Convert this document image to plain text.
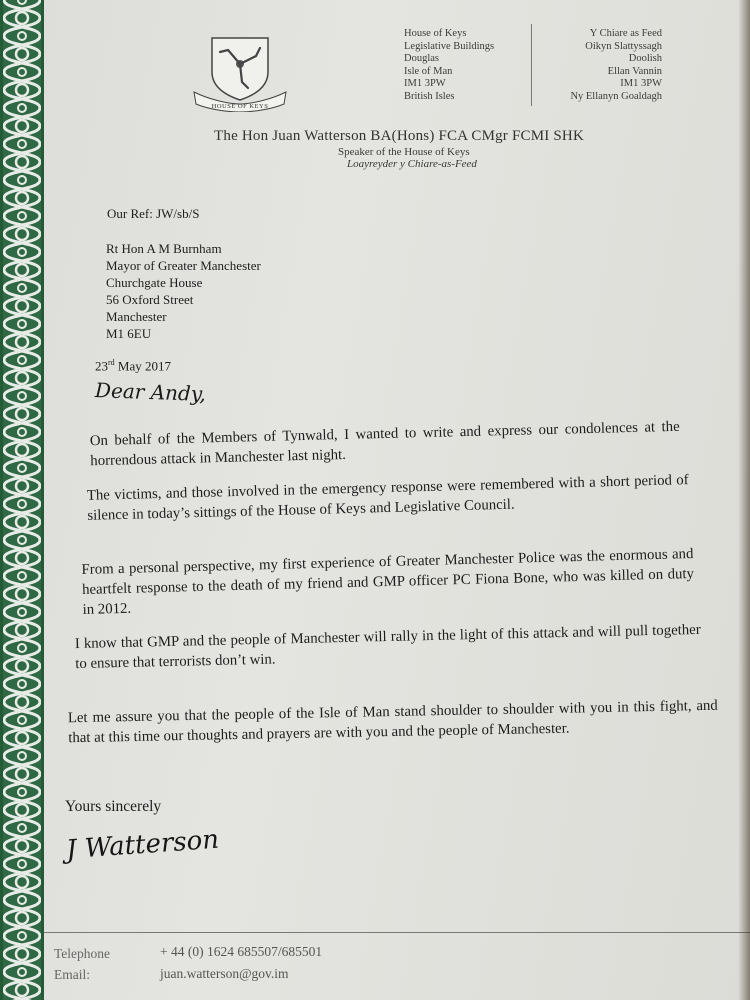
HOUSE OF KEYS
House of Keys
Legislative Buildings
Douglas
Isle of Man
IM1 3PW
British Isles
Y Chiare as Feed
Oikyn Slattyssagh
Doolish
Ellan Vannin
IM1 3PW
Ny Ellanyn Goaldagh
The Hon Juan Watterson BA(Hons) FCA CMgr FCMI SHK
Speaker of the House of Keys
Loayreyder y Chiare-as-Feed
Our Ref: JW/sb/S
Rt Hon A M Burnham
Mayor of Greater Manchester
Churchgate House
56 Oxford Street
Manchester
M1 6EU
23rd May 2017
Dear Andy,
On behalf of the Members of Tynwald, I wanted to write and express our condolences at the horrendous attack in Manchester last night.
The victims, and those involved in the emergency response were remembered with a short period of silence in today’s sittings of the House of Keys and Legislative Council.
From a personal perspective, my first experience of Greater Manchester Police was the enormous and heartfelt response to the death of my friend and GMP officer PC Fiona Bone, who was killed on duty in 2012.
I know that GMP and the people of Manchester will rally in the light of this attack and will pull together to ensure that terrorists don’t win.
Let me assure you that the people of the Isle of Man stand shoulder to shoulder with you in this fight, and that at this time our thoughts and prayers are with you and the people of Manchester.
Yours sincerely
J Watterson
Telephone	+ 44 (0) 1624 685507/685501
Email:	juan.watterson@gov.im
